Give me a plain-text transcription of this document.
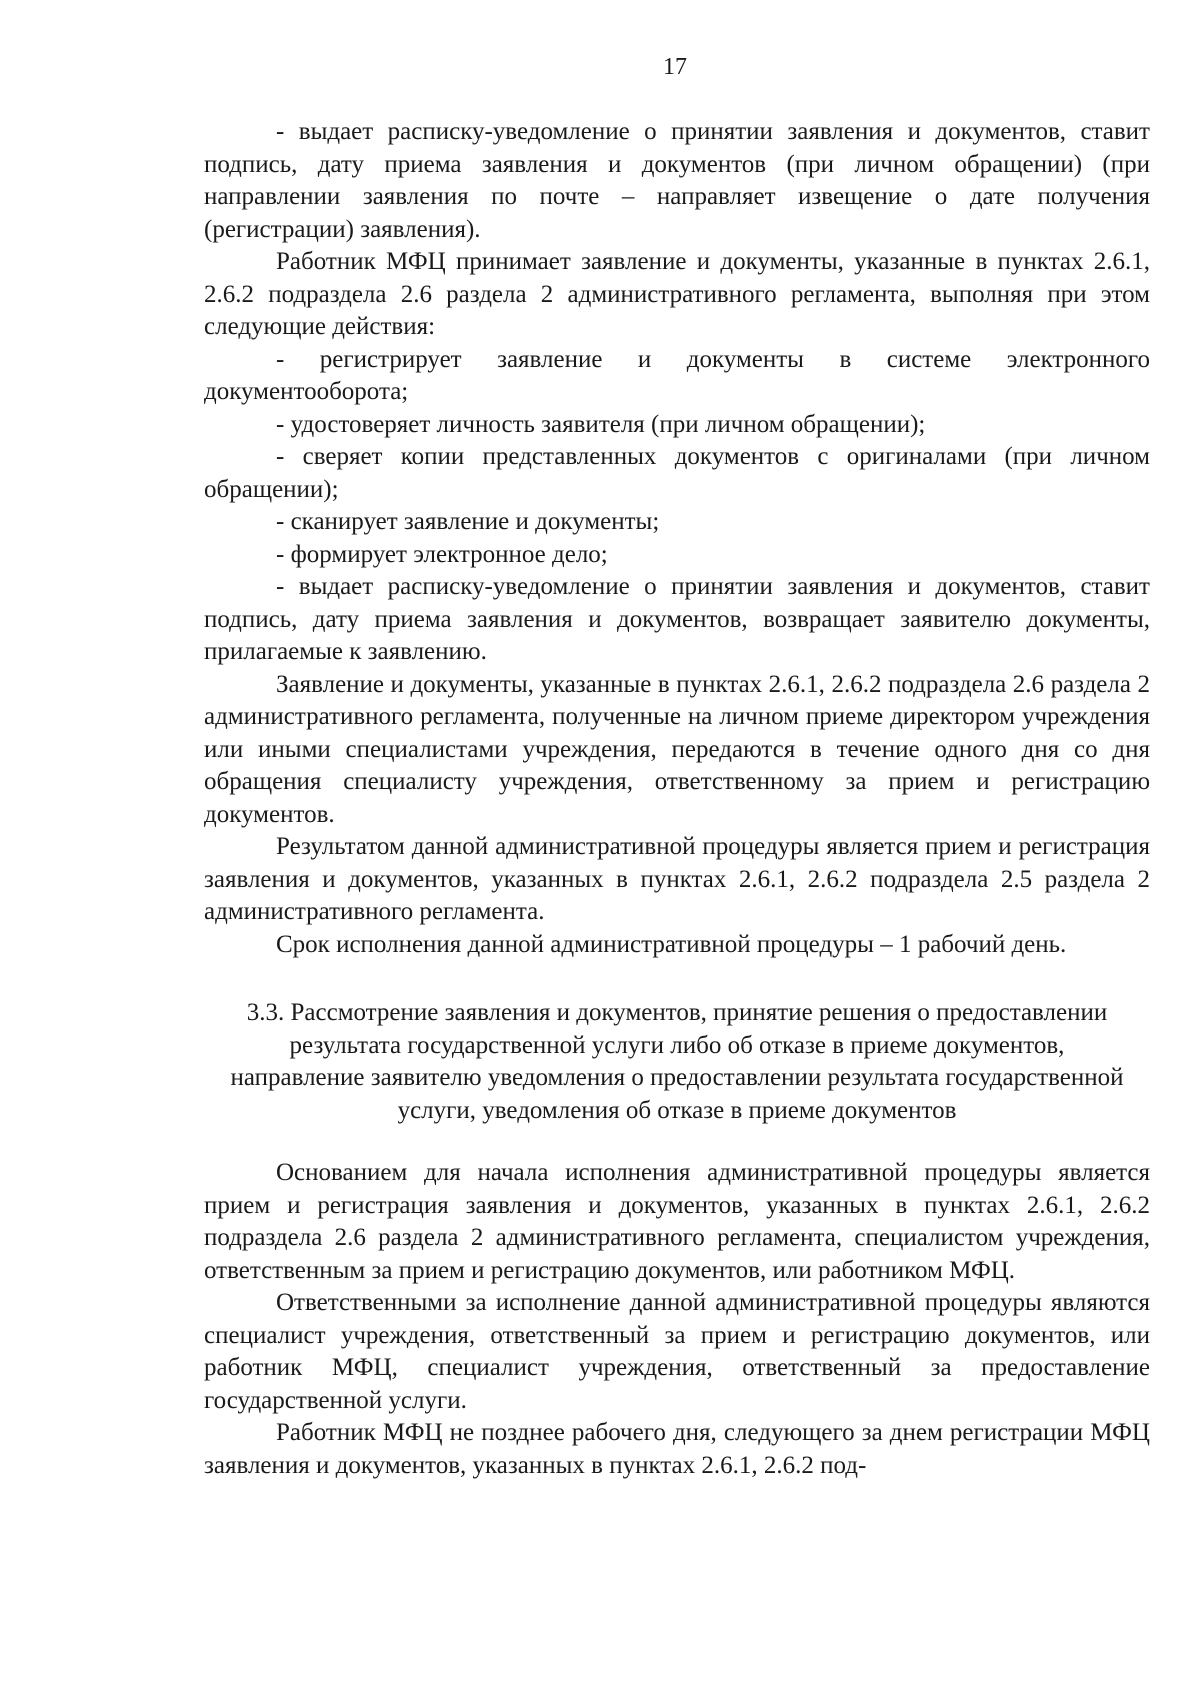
17

- выдает расписку-уведомление о принятии заявления и документов, ставит подпись, дату приема заявления и документов (при личном обращении) (при направлении заявления по почте – направляет извещение о дате получения (регистрации) заявления).

Работник МФЦ принимает заявление и документы, указанные в пунктах 2.6.1, 2.6.2 подраздела 2.6 раздела 2 административного регламента, выполняя при этом следующие действия:

- регистрирует заявление и документы в системе электронного документооборота;

- удостоверяет личность заявителя (при личном обращении);

- сверяет копии представленных документов с оригиналами (при личном обращении);

- сканирует заявление и документы;

- формирует электронное дело;

- выдает расписку-уведомление о принятии заявления и документов, ставит подпись, дату приема заявления и документов, возвращает заявителю документы, прилагаемые к заявлению.

Заявление и документы, указанные в пунктах 2.6.1, 2.6.2 подраздела 2.6 раздела 2 административного регламента, полученные на личном приеме директором учреждения или иными специалистами учреждения, передаются в течение одного дня со дня обращения специалисту учреждения, ответственному за прием и регистрацию документов.

Результатом данной административной процедуры является прием и регистрация заявления и документов, указанных в пунктах 2.6.1, 2.6.2 подраздела 2.5 раздела 2 административного регламента.

Срок исполнения данной административной процедуры – 1 рабочий день.

3.3. Рассмотрение заявления и документов, принятие решения о предоставлении результата государственной услуги либо об отказе в приеме документов, направление заявителю уведомления о предоставлении результата государственной услуги, уведомления об отказе в приеме документов

Основанием для начала исполнения административной процедуры является прием и регистрация заявления и документов, указанных в пунктах 2.6.1, 2.6.2 подраздела 2.6 раздела 2 административного регламента, специалистом учреждения, ответственным за прием и регистрацию документов, или работником МФЦ.

Ответственными за исполнение данной административной процедуры являются специалист учреждения, ответственный за прием и регистрацию документов, или работник МФЦ, специалист учреждения, ответственный за предоставление государственной услуги.

Работник МФЦ не позднее рабочего дня, следующего за днем регистрации МФЦ заявления и документов, указанных в пунктах 2.6.1, 2.6.2 под-
